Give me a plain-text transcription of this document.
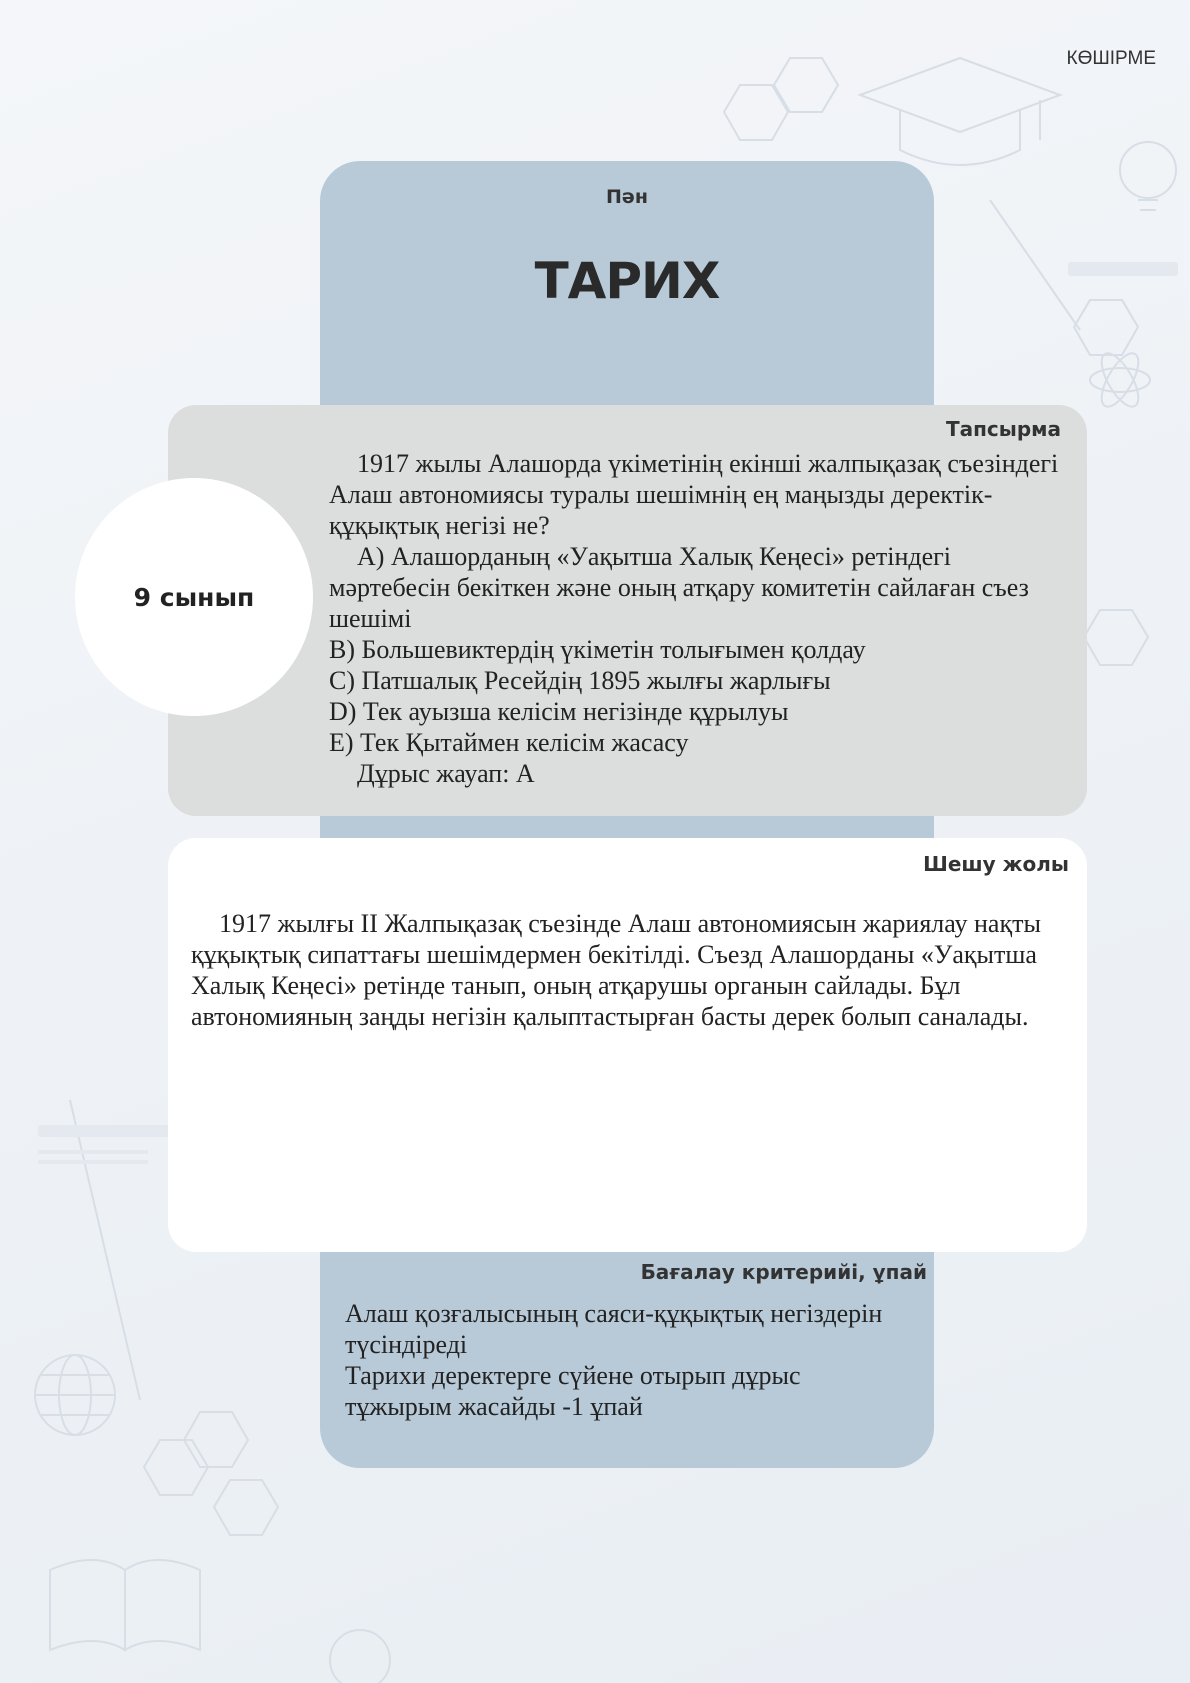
КӨШІРМЕ
Пән
ТАРИХ
Тапсырма

1917 жылы Алашорда үкіметінің екінші жалпықазақ съезіндегі Алаш автономиясы туралы шешімнің ең маңызды деректік-құқықтық негізі не?

А) Алашорданың «Уақытша Халық Кеңесі» ретіндегі мәртебесін бекіткен және оның атқару комитетін сайлаған съез шешімі

В) Большевиктердің үкіметін толығымен қолдау

С) Патшалық Ресейдің 1895 жылғы жарлығы

D) Тек ауызша келісім негізінде құрылуы

E) Тек Қытаймен келісім жасасу

Дұрыс жауап: А

9 сынып
Шешу жолы

1917 жылғы II Жалпықазақ съезінде Алаш автономиясын жариялау нақты құқықтық сипаттағы шешімдермен бекітілді. Съезд Алашорданы «Уақытша Халық Кеңесі» ретінде танып, оның атқарушы органын сайлады. Бұл автономияның заңды негізін қалыптастырған басты дерек болып саналады.

Бағалау критерийі, ұпай

Алаш қозғалысының саяси-құқықтық негіздерін түсіндіреді

Тарихи деректерге сүйене отырып дұрыс тұжырым жасайды -1 ұпай
